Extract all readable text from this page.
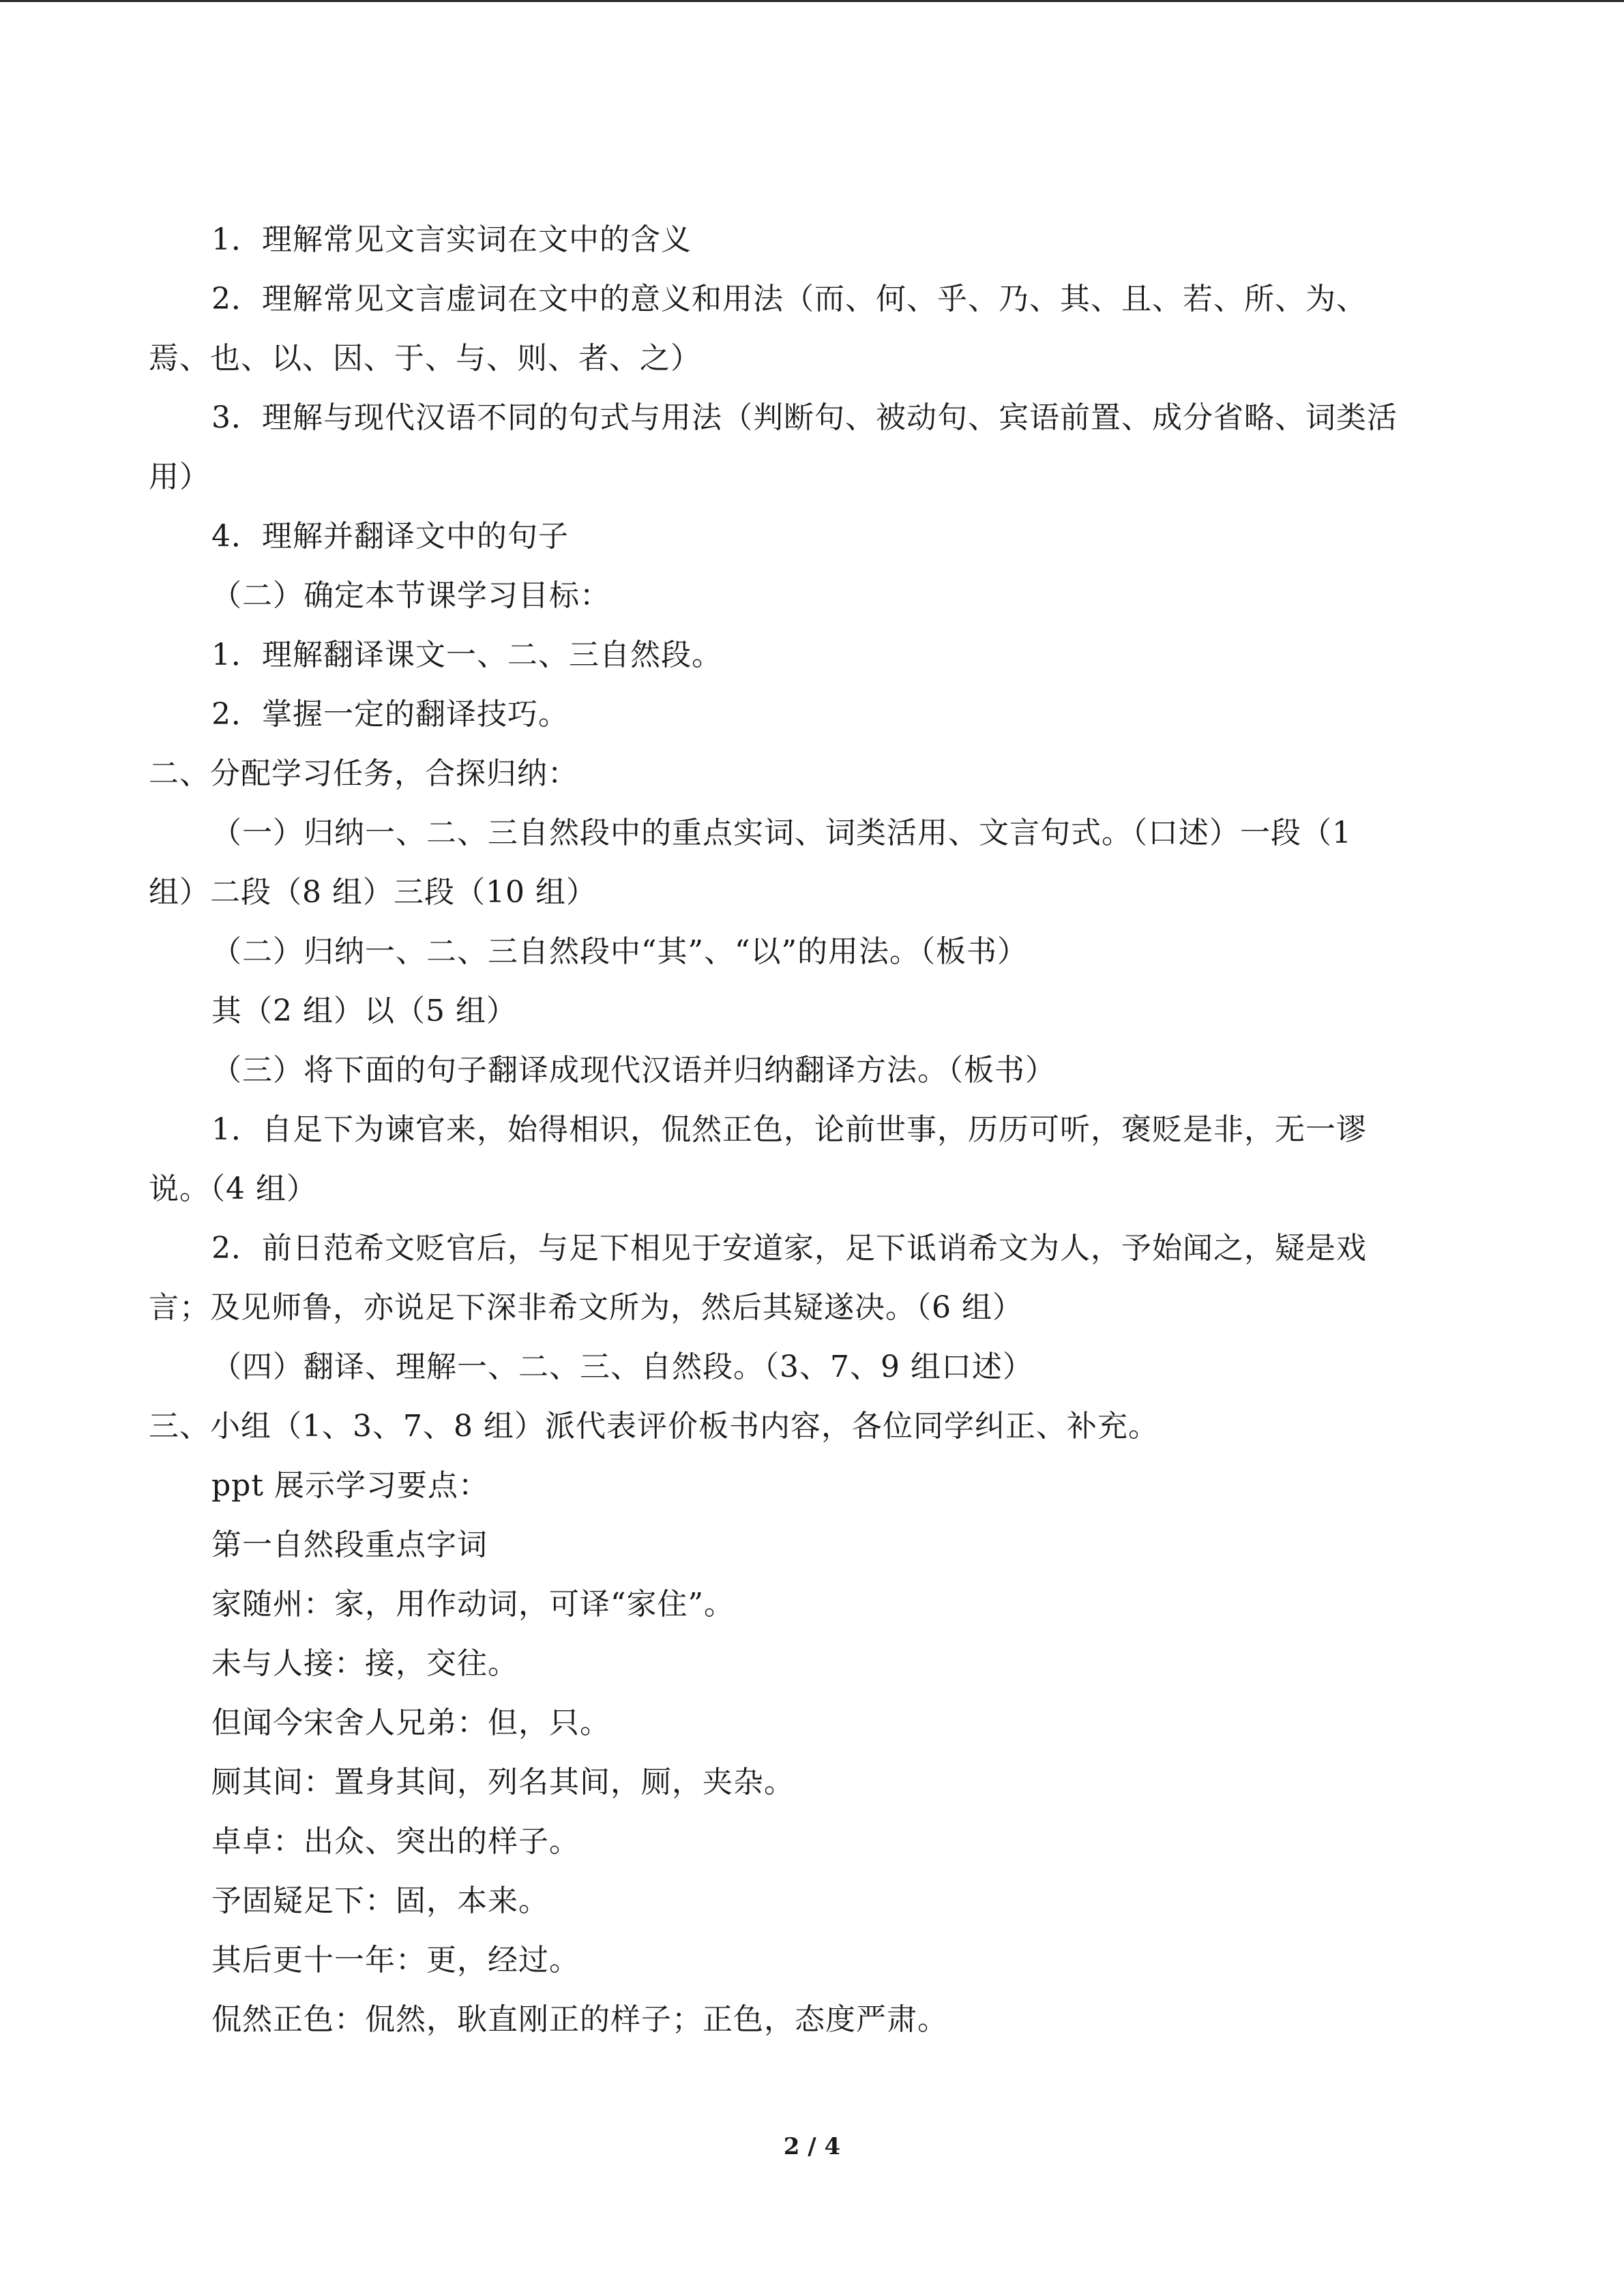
1．理解常见文言实词在文中的含义
2．理解常见文言虚词在文中的意义和用法（而、何、乎、乃、其、且、若、所、为、
焉、也、以、因、于、与、则、者、之）
3．理解与现代汉语不同的句式与用法（判断句、被动句、宾语前置、成分省略、词类活
用）
4．理解并翻译文中的句子
（二）确定本节课学习目标：
1．理解翻译课文一、二、三自然段。
2．掌握一定的翻译技巧。
二、分配学习任务，合探归纳：
（一）归纳一、二、三自然段中的重点实词、词类活用、文言句式。（口述）一段（1
组）二段（8 组）三段（10 组）
（二）归纳一、二、三自然段中“其”、“以”的用法。（板书）
其（2 组）以（5 组）
（三）将下面的句子翻译成现代汉语并归纳翻译方法。（板书）
1．自足下为谏官来，始得相识，侃然正色，论前世事，历历可听，褒贬是非，无一谬
说。（4 组）
2．前日范希文贬官后，与足下相见于安道家，足下诋诮希文为人，予始闻之，疑是戏
言；及见师鲁，亦说足下深非希文所为，然后其疑遂决。（6 组）
（四）翻译、理解一、二、三、自然段。（3、7、9 组口述）
三、小组（1、3、7、8 组）派代表评价板书内容，各位同学纠正、补充。
ppt 展示学习要点：
第一自然段重点字词
家随州：家，用作动词，可译“家住”。
未与人接：接，交往。
但闻今宋舍人兄弟：但，只。
厕其间：置身其间，列名其间，厕，夹杂。
卓卓：出众、突出的样子。
予固疑足下：固，本来。
其后更十一年：更，经过。
侃然正色：侃然，耿直刚正的样子；正色，态度严肃。
2 / 4
